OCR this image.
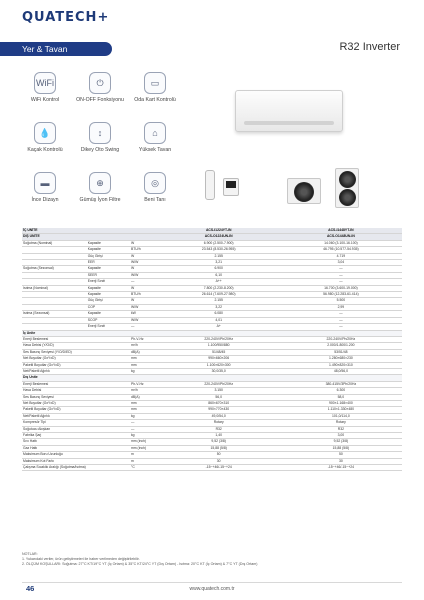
QUATECH+
Yer & Tavan	R32 Inverter
WiFi
WiFi Kontrol
⏻
ON-OFF Fonksiyonu
▭
Oda Kart Kontrolü
💧
Kaçak Kontrolü
↕
Dikey Oto Swing
⌂
Yüksek Tavan
▬
İnce Dizayn
⊕
Gümüş İyon Filtre
◎
Beni Tanı
İÇ ÜNİTE			ACS-I1224YT-IN	ACS-I1448YT-IN
DIŞ ÜNİTE			ACS-O1224UN-IN	ACS-O1448UN-IN
Soğutma (Nominal)	Kapasite	W	6.900 (2.500-7.900)	14.060 (3.100-16.100)
	Kapasite	BTU/h	23.543 (8.530-26.955)	46.795 (10.577-54.935)
	Güç Girişi	W	2.155	4.719
	EER	W/W	3,21	3,04
Soğutma (Sezonsal)	Kapasite	W	6.900	—
	SEER	W/W	6,10	—
	Enerji Sınıfı	—	A++	—
Isıtma (Nominal)	Kapasite	W	7.800 (2.230-8.200)	16.700 (3.600-19.000)
	Kapasite	BTU/h	26.614 (7.609-27.980)	56.980 (12.283-61.414)
	Güç Girişi	W	2.155	5.500
	COP	W/W	3,22	2,99
Isıtma (Sezonsal)	Kapasite	kW	6.080	—
	SCOP	W/W	4,01	—
	Enerji Sınıfı	—	A+	—
İç Ünite				
Enerji Beslemesi		Ph-V-Hz	220-240V/Ph/20Hz	220-240V/Ph/20Hz
Hava Debisi (Y/O/D)		m³/h	1.100/950/880	2.000/1.800/1.200
Ses Basınç Seviyesi (Y/O/D/ED)		dB(A)	51/48/45	53/51/48
Net Boyutlar (GxYxD)		mm	990×660×206	1.280×680×230
Paketli Boyutlar (GxYxD)		mm	1.100×620×300	1.490×820×310
Net/Paketli Ağırlık		kg	30,0/35,0	48,0/56,0
Dış Ünite				
Enerji Beslemesi		Ph-V-Hz	220-240V/Ph/20Hz	380-415V/3Ph/20Hz
Hava Debisi		m³/h	3.150	6.300
Ses Basınç Seviyesi		dB(A)	56,0	58,0
Net Boyutlar (GxYxD)		mm	860×670×310	900×1.168×400
Paketli Boyutlar (GxYxD)		mm	990×770×430	1.110×1.330×480
Net/Paketli Ağırlık		kg	49,0/54,0	101,0/114,0
Kompresör Tipi		—	Rotary	Rotary
Soğutucu Akışkan		—	R32	R32
Fabrika Şarj		kg	1,40	3,00
Sıvı Hattı		mm (inch)	9,52 (3/8)	9,52 (3/8)
Gaz Hattı		mm (inch)	15,88 (5/8)	15,88 (5/8)
Maksimum Boru Uzunluğu		m	50	50
Maksimum Kot Farkı		m	30	30
Çalışma Sıcaklık Aralığı (Soğutma/Isıtma)		°C	-15~+46/-15~+24	-15~+46/-15~+24
NOTLAR:
1. Yukarıdaki veriler, ürün geliştirmeleri ile haber verilmeden değiştirilebilir.
2. ÖLÇÜM KOŞULLARI: Soğutma: 27°C KT/19°C YT (İç Ortam) & 35°C KT/24°C YT (Dış Ortam) - Isıtma: 20°C KT (İç Ortam) & 7°C YT (Dış Ortam)
46	www.quatech.com.tr
